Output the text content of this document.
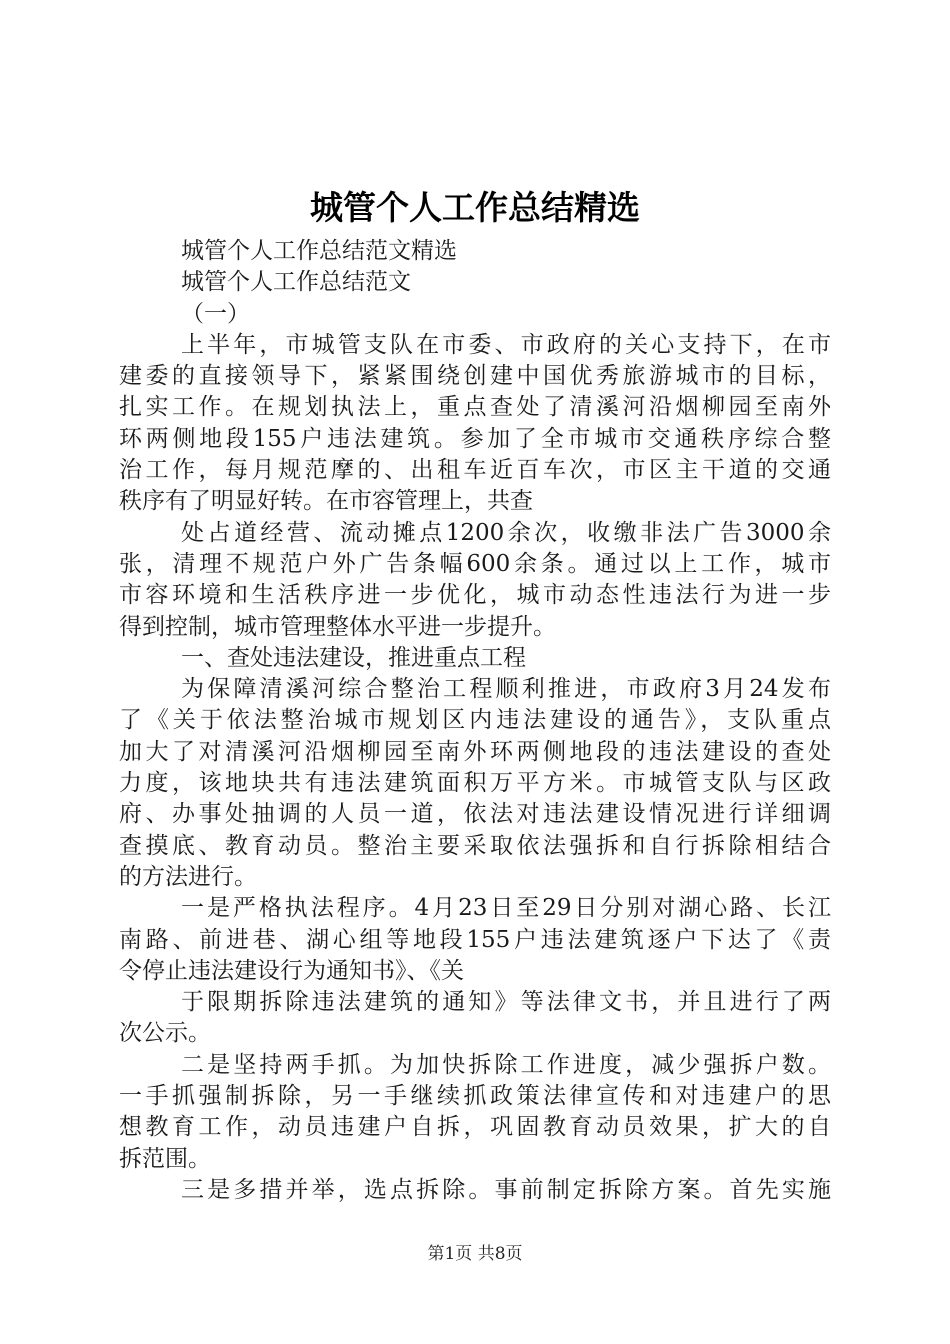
城管个人工作总结精选
城管个人工作总结范文精选
城管个人工作总结范文
（一）
上半年，市城管支队在市委、市政府的关心支持下，在市
建委的直接领导下，紧紧围绕创建中国优秀旅游城市的目标，
扎实工作。在规划执法上，重点查处了清溪河沿烟柳园至南外
环两侧地段155户违法建筑。参加了全市城市交通秩序综合整
治工作，每月规范摩的、出租车近百车次，市区主干道的交通
秩序有了明显好转。在市容管理上，共查
处占道经营、流动摊点1200余次，收缴非法广告3000余
张，清理不规范户外广告条幅600余条。通过以上工作，城市
市容环境和生活秩序进一步优化，城市动态性违法行为进一步
得到控制，城市管理整体水平进一步提升。
一、查处违法建设，推进重点工程
为保障清溪河综合整治工程顺利推进，市政府3月24发布
了《关于依法整治城市规划区内违法建设的通告》，支队重点
加大了对清溪河沿烟柳园至南外环两侧地段的违法建设的查处
力度，该地块共有违法建筑面积万平方米。市城管支队与区政
府、办事处抽调的人员一道，依法对违法建设情况进行详细调
查摸底、教育动员。整治主要采取依法强拆和自行拆除相结合
的方法进行。
一是严格执法程序。4月23日至29日分别对湖心路、长江
南路、前进巷、湖心组等地段155户违法建筑逐户下达了《责
令停止违法建设行为通知书》、《关
于限期拆除违法建筑的通知》等法律文书，并且进行了两
次公示。
二是坚持两手抓。为加快拆除工作进度，减少强拆户数。
一手抓强制拆除，另一手继续抓政策法律宣传和对违建户的思
想教育工作，动员违建户自拆，巩固教育动员效果，扩大的自
拆范围。
三是多措并举，选点拆除。事前制定拆除方案。首先实施
第1页 共8页
